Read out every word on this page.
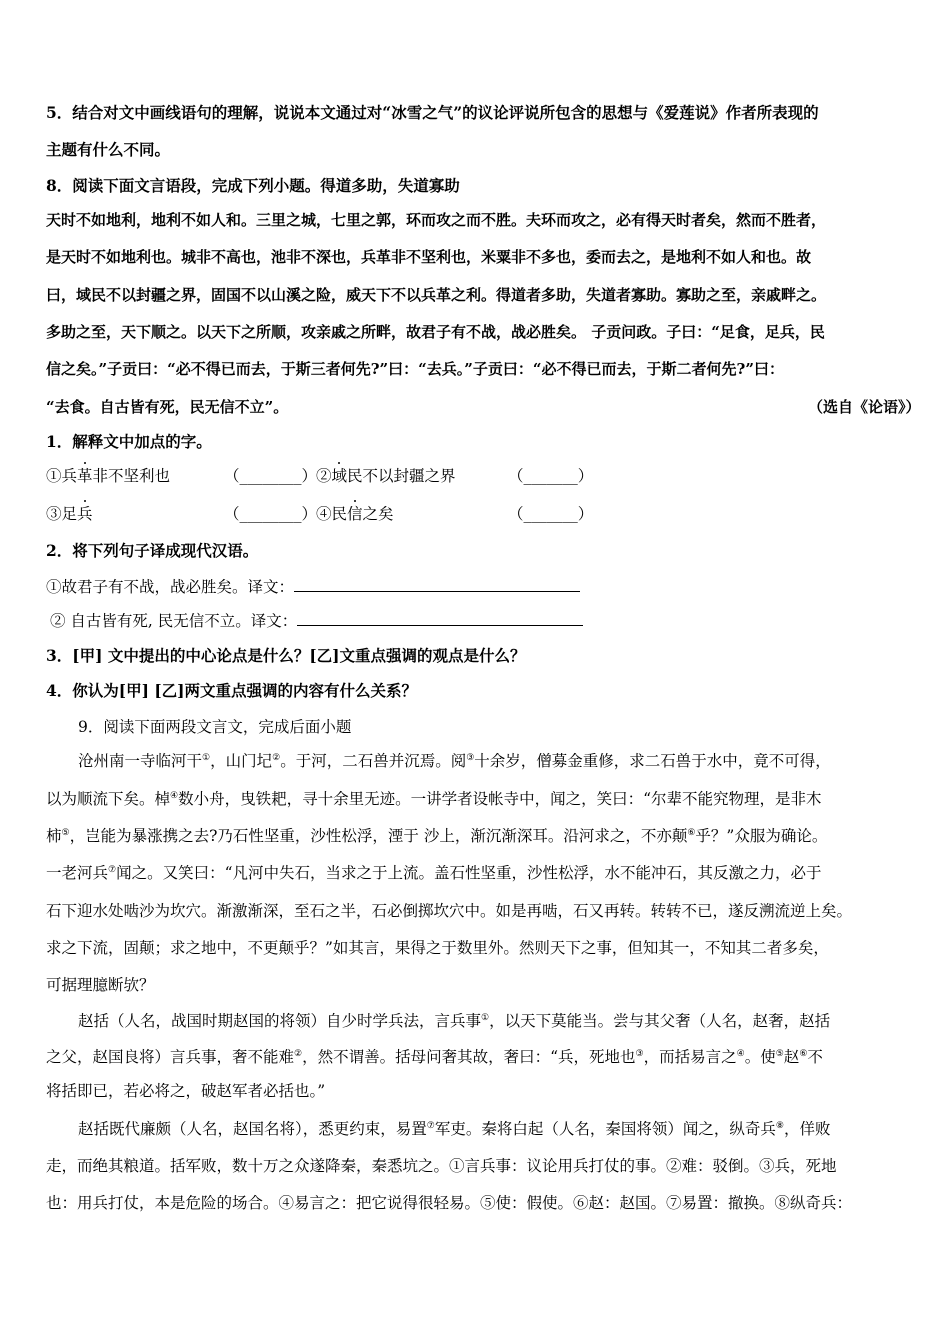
5．结合对文中画线语句的理解，说说本文通过对“冰雪之气”的议论评说所包含的思想与《爱莲说》作者所表现的
主题有什么不同。
8．阅读下面文言语段，完成下列小题。得道多助，失道寡助
天时不如地利，地利不如人和。三里之城，七里之郭，环而攻之而不胜。夫环而攻之，必有得天时者矣，然而不胜者，
是天时不如地利也。城非不高也，池非不深也，兵革非不坚利也，米粟非不多也，委而去之，是地利不如人和也。故
曰，域民不以封疆之界，固国不以山溪之险，威天下不以兵革之利。得道者多助，失道者寡助。寡助之至，亲戚畔之。
多助之至，天下顺之。以天下之所顺，攻亲戚之所畔，故君子有不战，战必胜矣。 子贡问政。子曰：“足食，足兵，民
信之矣。”子贡曰：“必不得已而去，于斯三者何先?”曰：“去兵。”子贡曰：“必不得已而去，于斯二者何先?”曰：
“去食。自古皆有死，民无信不立”。	（选自《论语》）
1．解释文中加点的字。
①兵革非不坚利也	（________）
②域民不以封疆之界	（_______）
③足兵	（________）
④民信之矣	（_______）
2．将下列句子译成现代汉语。
①故君子有不战，战必胜矣。译文：
② 自古皆有死, 民无信不立。译文：
3．[甲] 文中提出的中心论点是什么？[乙]文重点强调的观点是什么？
4．你认为[甲] [乙]两文重点强调的内容有什么关系？
9．阅读下面两段文言文，完成后面小题
沧州南一寺临河干①，山门圮②。于河，二石兽并沉焉。阅③十余岁，僧募金重修，求二石兽于水中，竟不可得，
以为顺流下矣。棹④数小舟，曳铁耙，寻十余里无迹。一讲学者设帐寺中，闻之，笑曰：“尔辈不能究物理，是非木
柿⑤，岂能为暴涨携之去?乃石性坚重，沙性松浮，湮于 沙上，渐沉渐深耳。沿河求之，不亦颠⑥乎？”众服为确论。
一老河兵⑦闻之。又笑曰：“凡河中失石，当求之于上流。盖石性坚重，沙性松浮，水不能冲石，其反激之力，必于
石下迎水处啮沙为坎穴。渐激渐深，至石之半，石必倒掷坎穴中。如是再啮，石又再转。转转不已，遂反溯流逆上矣。
求之下流，固颠；求之地中，不更颠乎？”如其言，果得之于数里外。然则天下之事，但知其一，不知其二者多矣，
可据理臆断欤？
赵括（人名，战国时期赵国的将领）自少时学兵法，言兵事①，以天下莫能当。尝与其父奢（人名，赵奢，赵括
之父，赵国良将）言兵事，奢不能难②，然不谓善。括母问奢其故，奢曰：“兵，死地也③，而括易言之④。使⑤赵⑥不
将括即已，若必将之，破赵军者必括也。”
赵括既代廉颇（人名，赵国名将），悉更约束，易置⑦军吏。秦将白起（人名，秦国将领）闻之，纵奇兵⑧，佯败
走，而绝其粮道。括军败，数十万之众遂降秦，秦悉坑之。①言兵事：议论用兵打仗的事。②难：驳倒。③兵，死地
也：用兵打仗，本是危险的场合。④易言之：把它说得很轻易。⑤使：假使。⑥赵：赵国。⑦易置：撤换。⑧纵奇兵：
